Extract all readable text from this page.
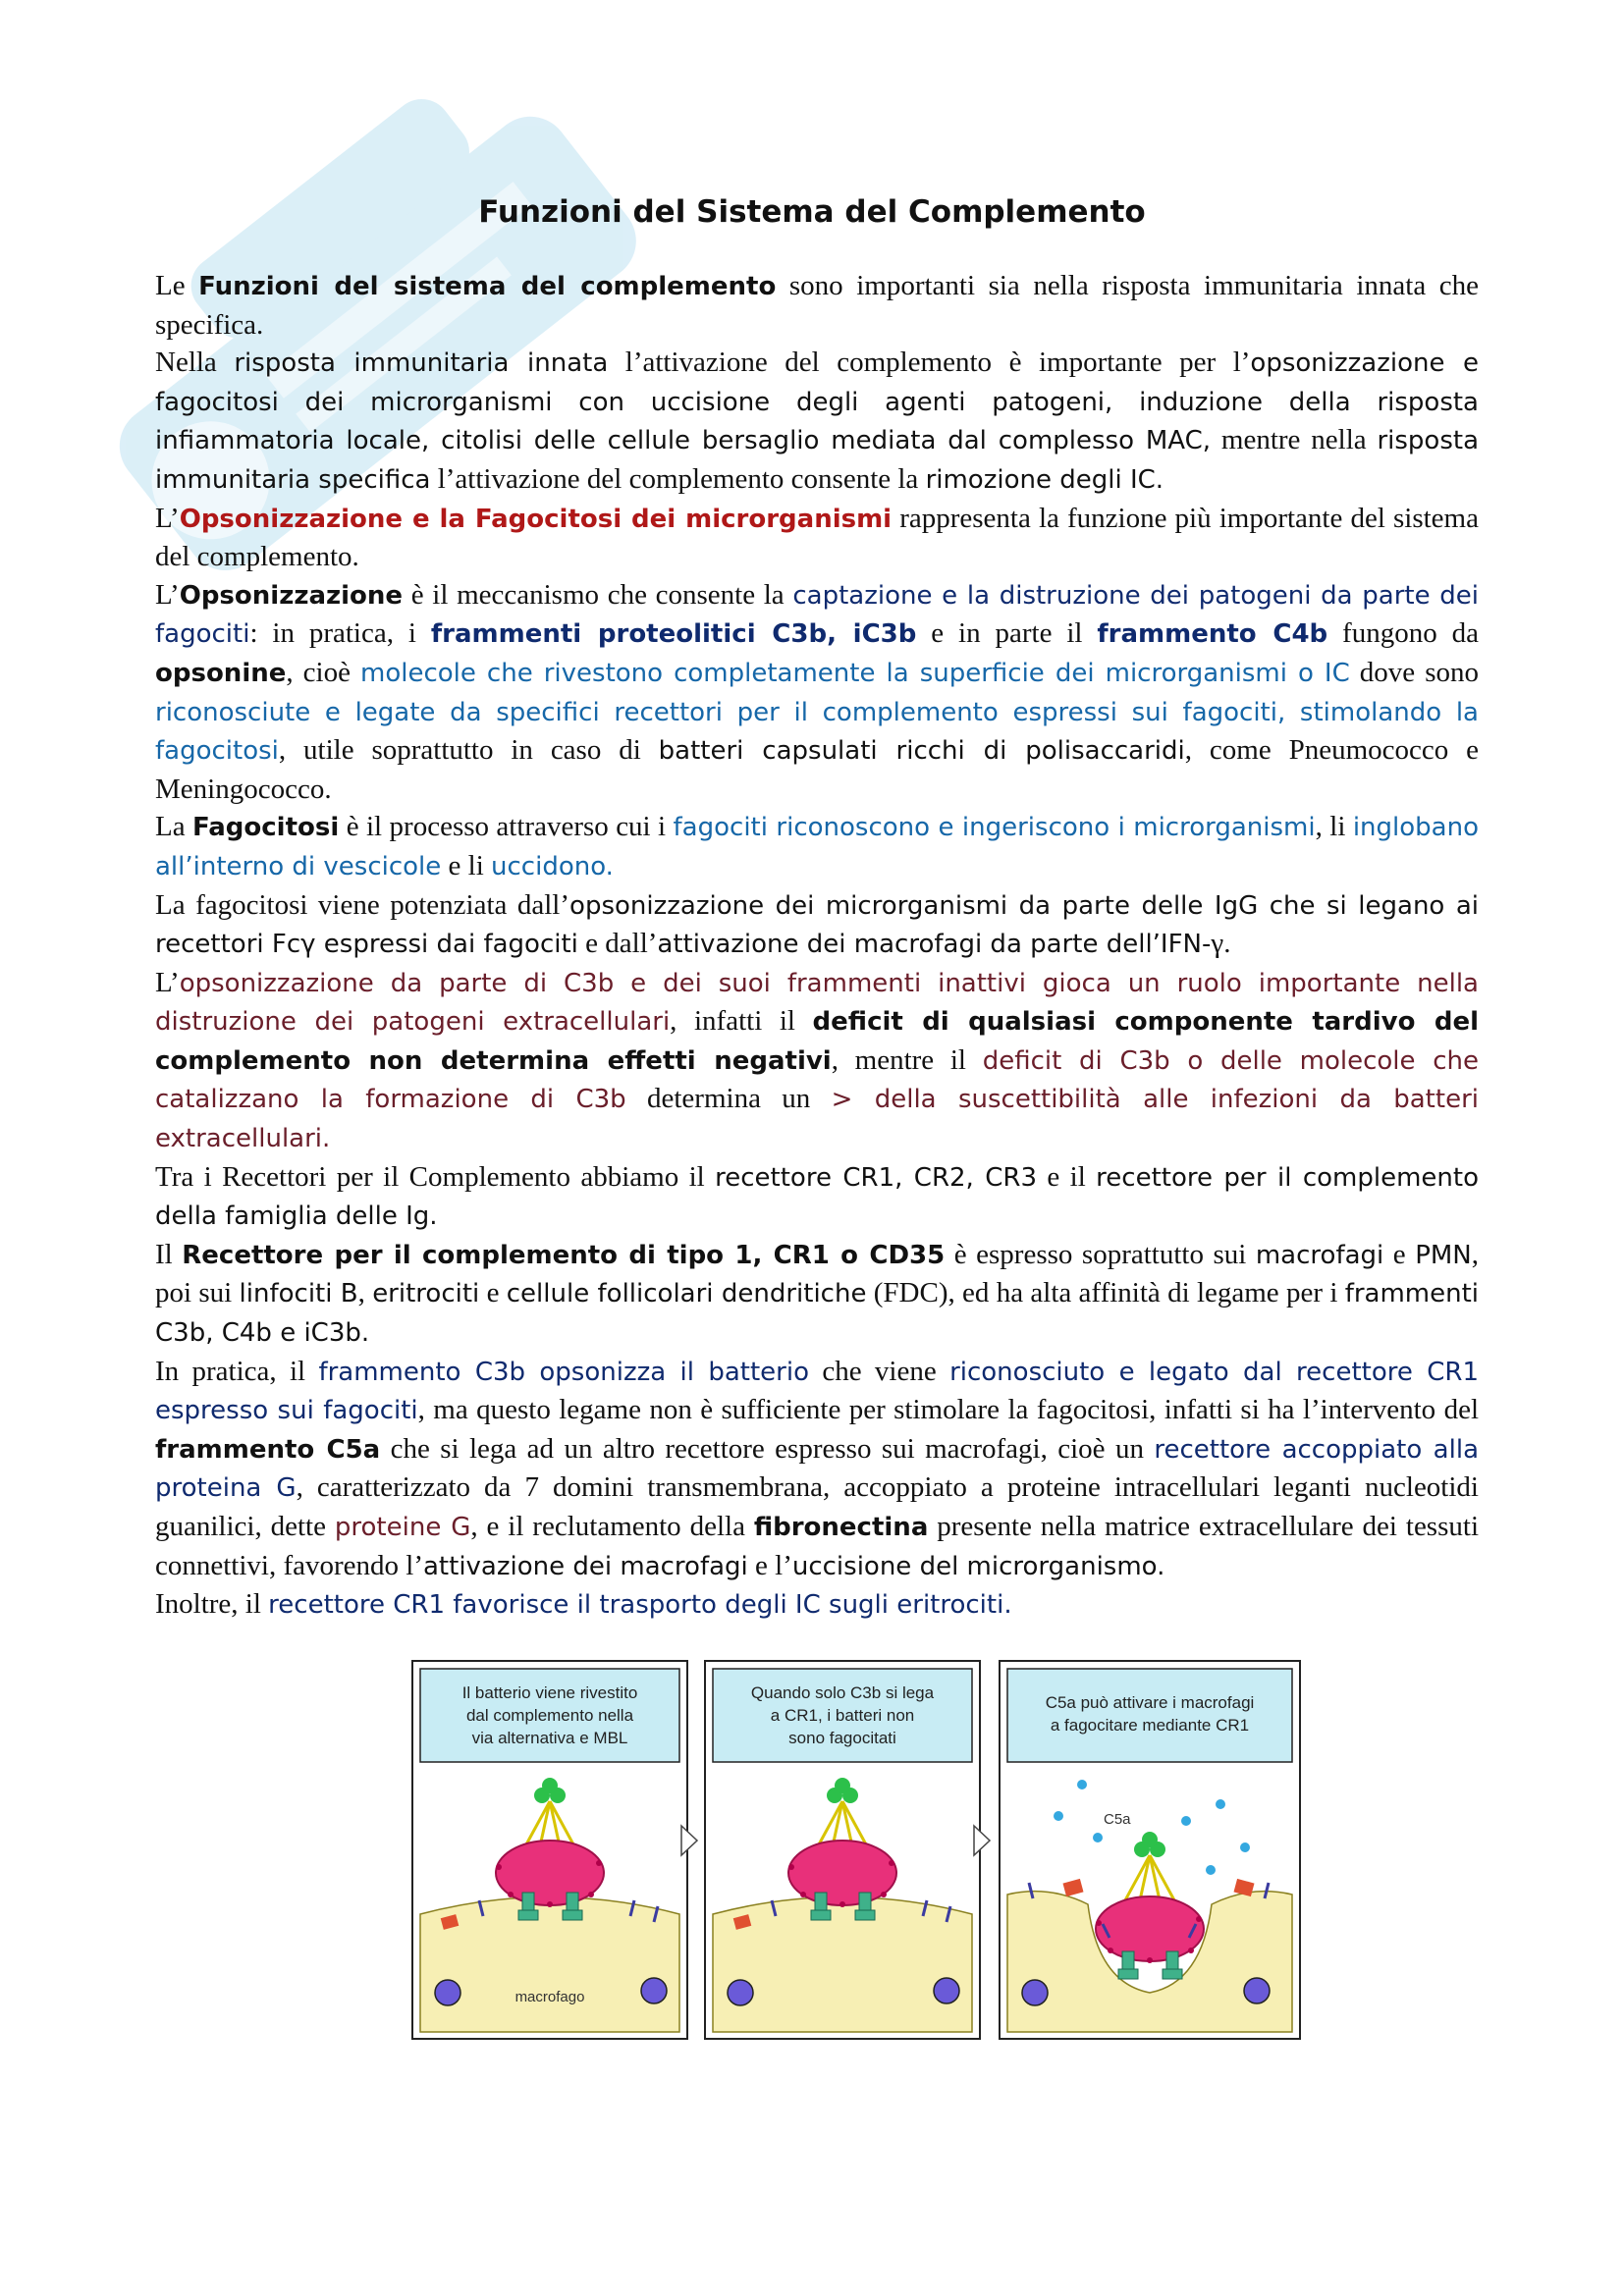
Funzioni del Sistema del Complemento

Le Funzioni del sistema del complemento sono importanti sia nella risposta immunitaria innata che specifica.

Nella risposta immunitaria innata l’attivazione del complemento è importante per l’opsonizzazione e fagocitosi dei microrganismi con uccisione degli agenti patogeni, induzione della risposta infiammatoria locale, citolisi delle cellule bersaglio mediata dal complesso MAC, mentre nella risposta immunitaria specifica l’attivazione del complemento consente la rimozione degli IC.

L’Opsonizzazione e la Fagocitosi dei microrganismi rappresenta la funzione più importante del sistema del complemento.

L’Opsonizzazione è il meccanismo che consente la captazione e la distruzione dei patogeni da parte dei fagociti: in pratica, i frammenti proteolitici C3b, iC3b e in parte il frammento C4b fungono da opsonine, cioè molecole che rivestono completamente la superficie dei microrganismi o IC dove sono riconosciute e legate da specifici recettori per il complemento espressi sui fagociti, stimolando la fagocitosi, utile soprattutto in caso di batteri capsulati ricchi di polisaccaridi, come Pneumococco e Meningococco.

La Fagocitosi è il processo attraverso cui i fagociti riconoscono e ingeriscono i microrganismi, li inglobano all’interno di vescicole e li uccidono.

La fagocitosi viene potenziata dall’opsonizzazione dei microrganismi da parte delle IgG che si legano ai recettori Fcγ espressi dai fagociti e dall’attivazione dei macrofagi da parte dell’IFN-γ.

L’opsonizzazione da parte di C3b e dei suoi frammenti inattivi gioca un ruolo importante nella distruzione dei patogeni extracellulari, infatti il deficit di qualsiasi componente tardivo del complemento non determina effetti negativi, mentre il deficit di C3b o delle molecole che catalizzano la formazione di C3b determina un > della suscettibilità alle infezioni da batteri extracellulari.

Tra i Recettori per il Complemento abbiamo il recettore CR1, CR2, CR3 e il recettore per il complemento della famiglia delle Ig.

Il Recettore per il complemento di tipo 1, CR1 o CD35 è espresso soprattutto sui macrofagi e PMN, poi sui linfociti B, eritrociti e cellule follicolari dendritiche (FDC), ed ha alta affinità di legame per i frammenti C3b, C4b e iC3b.

In pratica, il frammento C3b opsonizza il batterio che viene riconosciuto e legato dal recettore CR1 espresso sui fagociti, ma questo legame non è sufficiente per stimolare la fagocitosi, infatti si ha l’intervento del frammento C5a che si lega ad un altro recettore espresso sui macrofagi, cioè un recettore accoppiato alla proteina G, caratterizzato da 7 domini transmembrana, accoppiato a proteine intracellulari leganti nucleotidi guanilici, dette proteine G, e il reclutamento della fibronectina presente nella matrice extracellulare dei tessuti connettivi, favorendo l’attivazione dei macrofagi e l’uccisione del microrganismo.

Inoltre, il recettore CR1 favorisce il trasporto degli IC sugli eritrociti.

Il batterio viene rivestito
dal complemento nella
via alternativa e MBL
macrofago
Quando solo C3b si lega
a CR1, i batteri non
sono fagocitati
C5a può attivare i macrofagi
a fagocitare mediante CR1
C5a
